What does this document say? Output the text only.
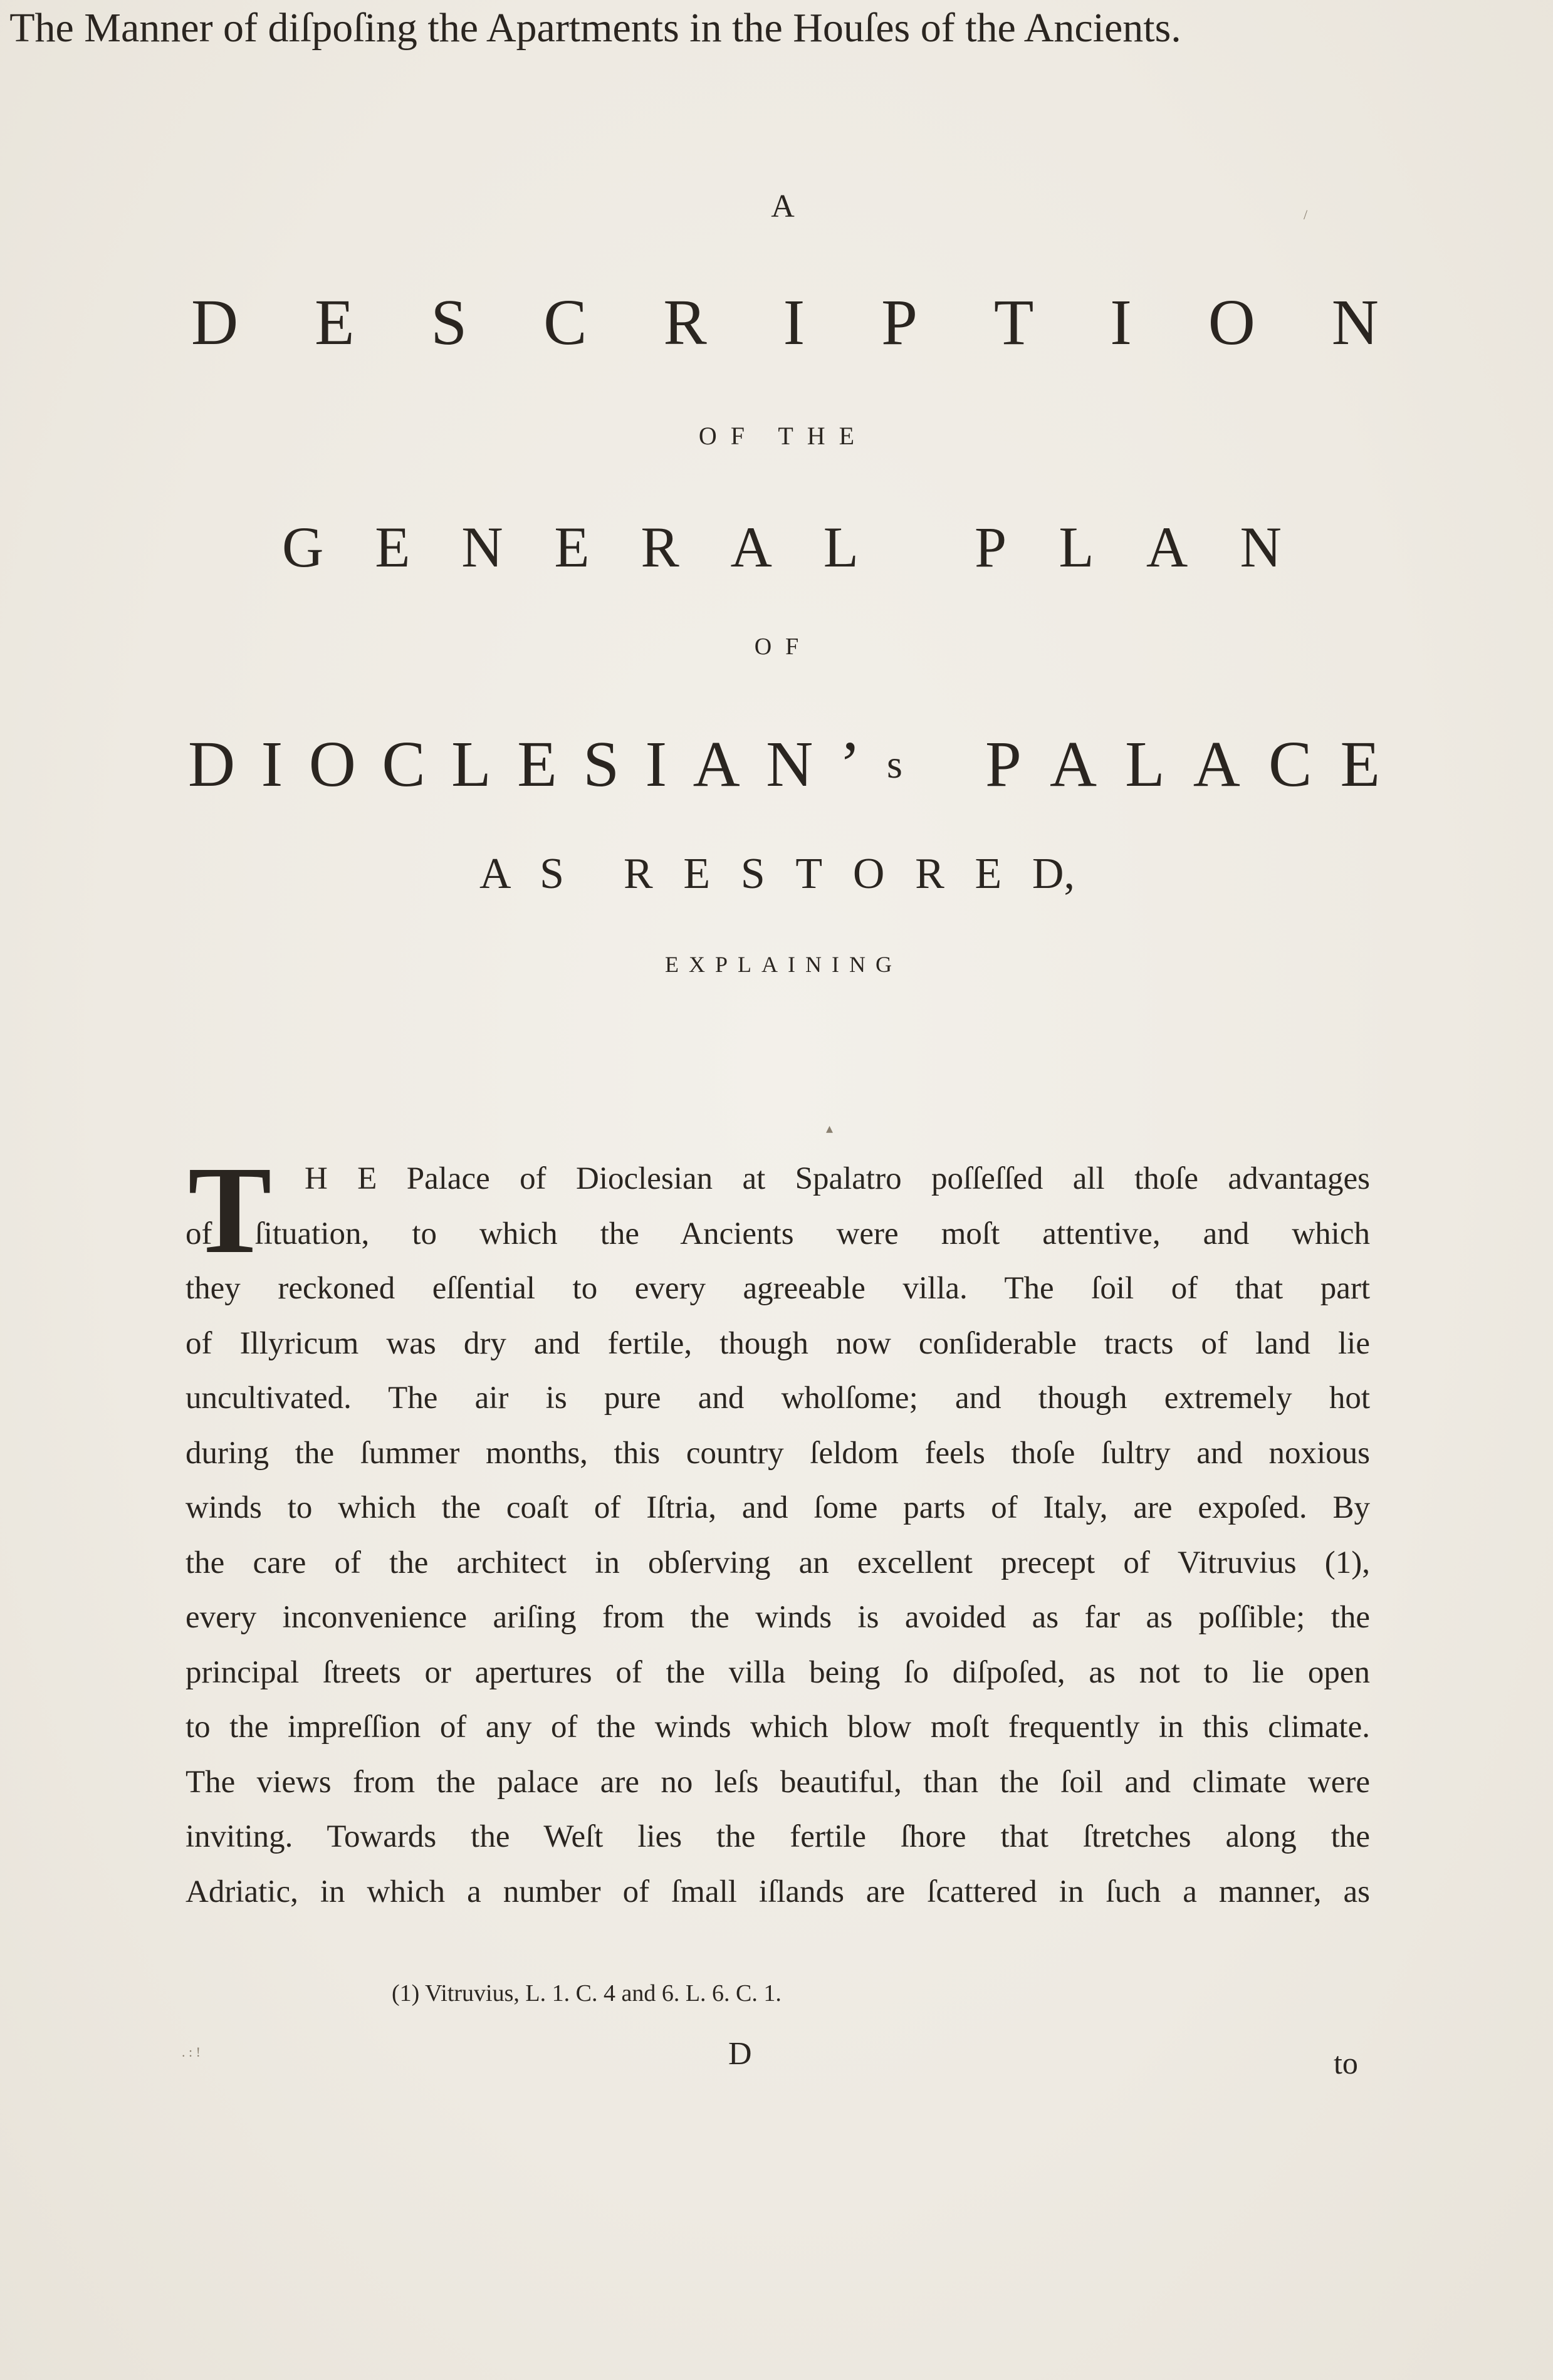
A
D E S C R I P T I O N
OF THE
G E N E R A L P L A N
OF
D I O C L E S I A N ’ s P A L A C E
A S R E S T O R E D,
EXPLAINING
The Manner of diſpoſing the Apartments in the Houſes of the Ancients.
▴
T H E Palace of Dioclesian at Spalatro poſſeſſed all thoſe advantages
of ſituation, to which the Ancients were moſt attentive, and which
they reckoned eſſential to every agreeable villa. The ſoil of that part
of Illyricum was dry and fertile, though now conſiderable tracts of land lie
uncultivated. The air is pure and wholſome; and though extremely hot
during the ſummer months, this country ſeldom feels thoſe ſultry and noxious
winds to which the coaſt of Iſtria, and ſome parts of Italy, are expoſed. By
the care of the architect in obſerving an excellent precept of Vitruvius (1),
every inconvenience ariſing from the winds is avoided as far as poſſible; the
principal ſtreets or apertures of the villa being ſo diſpoſed, as not to lie open
to the impreſſion of any of the winds which blow moſt frequently in this climate.
The views from the palace are no leſs beautiful, than the ſoil and climate were
inviting. Towards the Weſt lies the fertile ſhore that ſtretches along the
Adriatic, in which a number of ſmall iſlands are ſcattered in ſuch a manner, as
(1) Vitruvius, L. 1. C. 4 and 6. L. 6. C. 1.
D	to
. : !
/
